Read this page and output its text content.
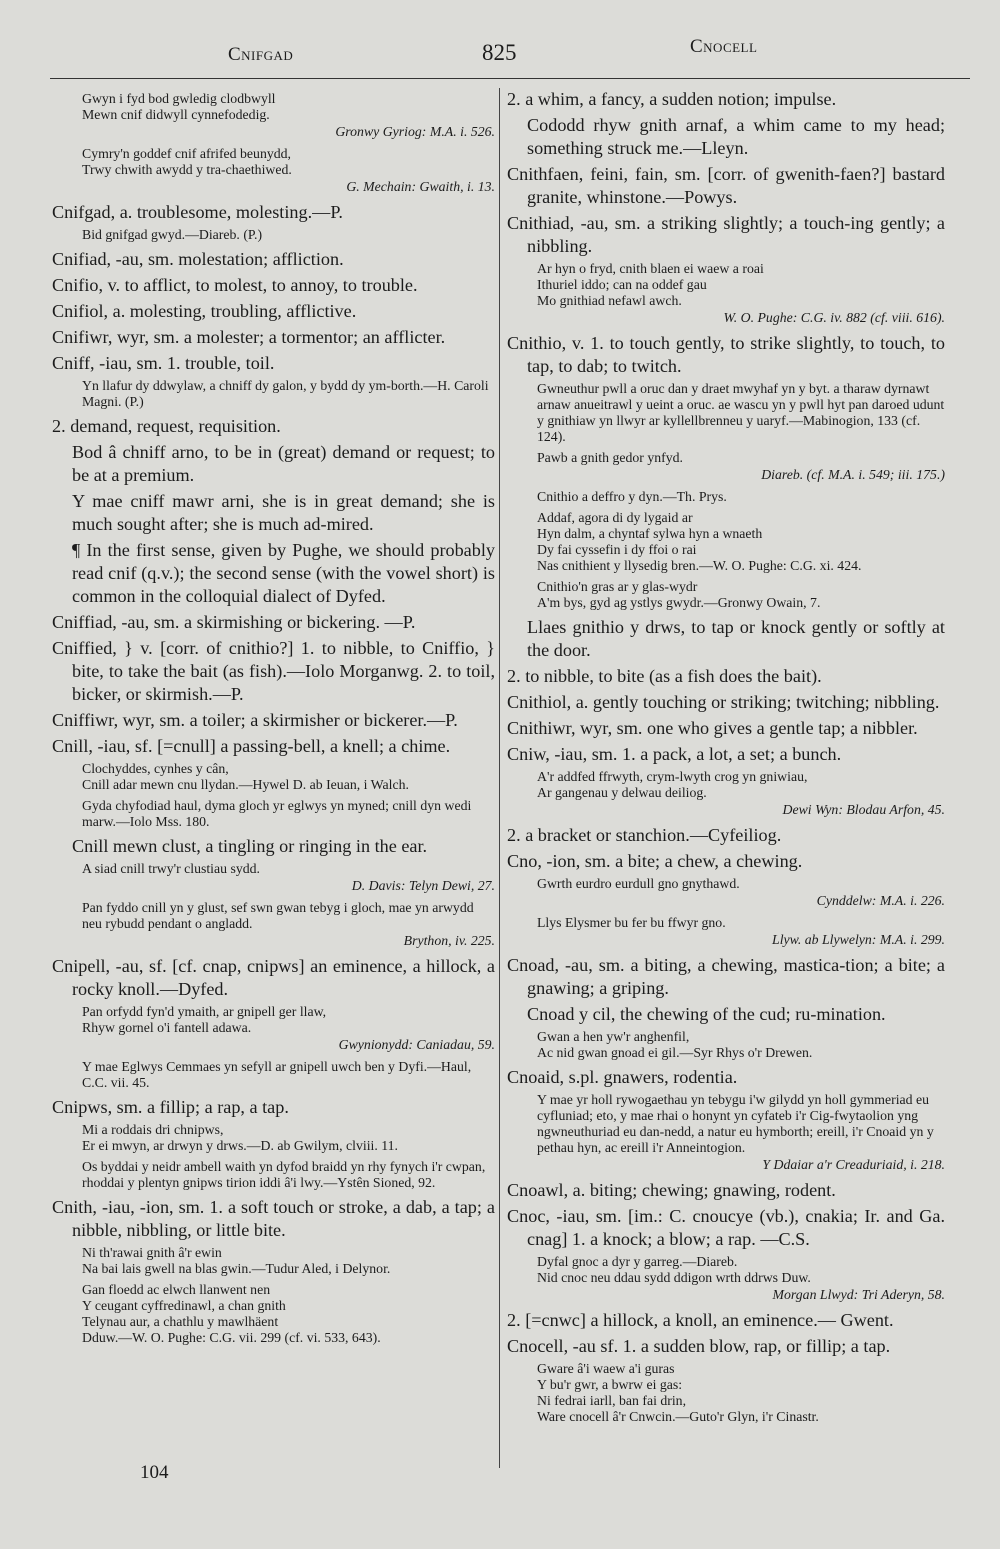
Cnifgad	825	Cnocell
Gwyn i fyd bod gwledig clodbwyll
Mewn cnif didwyll cynnefodedig.
Gronwy Gyriog: M.A. i. 526.
Cymry'n goddef cnif afrifed beunydd,
Trwy chwith awydd y tra-chaethiwed.
G. Mechain: Gwaith, i. 13.
Cnifgad, a. troublesome, molesting.—P.
Bid gnifgad gwyd.—Diareb. (P.)
Cnifiad, -au, sm. molestation; affliction.
Cnifio, v. to afflict, to molest, to annoy, to trouble.
Cnifiol, a. molesting, troubling, afflictive.
Cnifiwr, wyr, sm. a molester; a tormentor; an afflicter.
Cniff, -iau, sm. 1. trouble, toil.
Yn llafur dy ddwylaw, a chniff dy galon, y bydd dy ym-borth.—H. Caroli Magni. (P.)
2. demand, request, requisition.
Bod â chniff arno, to be in (great) demand or request; to be at a premium.
Y mae cniff mawr arni, she is in great demand; she is much sought after; she is much ad-mired.
¶ In the first sense, given by Pughe, we should probably read cnif (q.v.); the second sense (with the vowel short) is common in the colloquial dialect of Dyfed.
Cniffiad, -au, sm. a skirmishing or bickering. —P.
Cniffied, } v. [corr. of cnithio?] 1. to nibble, to Cniffio, } bite, to take the bait (as fish).—Iolo Morganwg. 2. to toil, bicker, or skirmish.—P.
Cniffiwr, wyr, sm. a toiler; a skirmisher or bickerer.—P.
Cnill, -iau, sf. [=cnull] a passing-bell, a knell; a chime.
Clochyddes, cynhes y cân,
Cnill adar mewn cnu llydan.—Hywel D. ab Ieuan, i Walch.
Gyda chyfodiad haul, dyma gloch yr eglwys yn myned; cnill dyn wedi marw.—Iolo Mss. 180.
Cnill mewn clust, a tingling or ringing in the ear.
A siad cnill trwy'r clustiau sydd.
D. Davis: Telyn Dewi, 27.
Pan fyddo cnill yn y glust, sef swn gwan tebyg i gloch, mae yn arwydd neu rybudd pendant o angladd.
Brython, iv. 225.
Cnipell, -au, sf. [cf. cnap, cnipws] an eminence, a hillock, a rocky knoll.—Dyfed.
Pan orfydd fyn'd ymaith, ar gnipell ger llaw,
Rhyw gornel o'i fantell adawa.
Gwynionydd: Caniadau, 59.
Y mae Eglwys Cemmaes yn sefyll ar gnipell uwch ben y Dyfi.—Haul, C.C. vii. 45.
Cnipws, sm. a fillip; a rap, a tap.
Mi a roddais dri chnipws,
Er ei mwyn, ar drwyn y drws.—D. ab Gwilym, clviii. 11.
Os byddai y neidr ambell waith yn dyfod braidd yn rhy fynych i'r cwpan, rhoddai y plentyn gnipws tirion iddi â'i lwy.—Ystên Sioned, 92.
Cnith, -iau, -ion, sm. 1. a soft touch or stroke, a dab, a tap; a nibble, nibbling, or little bite.
Ni th'rawai gnith â'r ewin
Na bai lais gwell na blas gwin.—Tudur Aled, i Delynor.
Gan floedd ac elwch llanwent nen
Y ceugant cyffredinawl, a chan gnith
Telynau aur, a chathlu y mawlhäent
Dduw.—W. O. Pughe: C.G. vii. 299 (cf. vi. 533, 643).
2. a whim, a fancy, a sudden notion; impulse.
Cododd rhyw gnith arnaf, a whim came to my head; something struck me.—Lleyn.
Cnithfaen, feini, fain, sm. [corr. of gwenith-faen?] bastard granite, whinstone.—Powys.
Cnithiad, -au, sm. a striking slightly; a touch-ing gently; a nibbling.
Ar hyn o fryd, cnith blaen ei waew a roai
Ithuriel iddo; can na oddef gau
Mo gnithiad nefawl awch.
W. O. Pughe: C.G. iv. 882 (cf. viii. 616).
Cnithio, v. 1. to touch gently, to strike slightly, to touch, to tap, to dab; to twitch.
Gwneuthur pwll a oruc dan y draet mwyhaf yn y byt. a tharaw dyrnawt arnaw anueitrawl y ueint a oruc. ae wascu yn y pwll hyt pan daroed udunt y gnithiaw yn llwyr ar kyllellbrenneu y uaryf.—Mabinogion, 133 (cf. 124).
Pawb a gnith gedor ynfyd.
Diareb. (cf. M.A. i. 549; iii. 175.)
Cnithio a deffro y dyn.—Th. Prys.
Addaf, agora di dy lygaid ar
Hyn dalm, a chyntaf sylwa hyn a wnaeth
Dy fai cyssefin i dy ffoi o rai
Nas cnithient y llysedig bren.—W. O. Pughe: C.G. xi. 424.
Cnithio'n gras ar y glas-wydr
A'm bys, gyd ag ystlys gwydr.—Gronwy Owain, 7.
Llaes gnithio y drws, to tap or knock gently or softly at the door.
2. to nibble, to bite (as a fish does the bait).
Cnithiol, a. gently touching or striking; twitching; nibbling.
Cnithiwr, wyr, sm. one who gives a gentle tap; a nibbler.
Cniw, -iau, sm. 1. a pack, a lot, a set; a bunch.
A'r addfed ffrwyth, crym-lwyth crog yn gniwiau,
Ar gangenau y delwau deiliog.
Dewi Wyn: Blodau Arfon, 45.
2. a bracket or stanchion.—Cyfeiliog.
Cno, -ion, sm. a bite; a chew, a chewing.
Gwrth eurdro eurdull gno gnythawd.
Cynddelw: M.A. i. 226.
Llys Elysmer bu fer bu ffwyr gno.
Llyw. ab Llywelyn: M.A. i. 299.
Cnoad, -au, sm. a biting, a chewing, mastica-tion; a bite; a gnawing; a griping.
Cnoad y cil, the chewing of the cud; ru-mination.
Gwan a hen yw'r anghenfil,
Ac nid gwan gnoad ei gil.—Syr Rhys o'r Drewen.
Cnoaid, s.pl. gnawers, rodentia.
Y mae yr holl rywogaethau yn tebygu i'w gilydd yn holl gymmeriad eu cyfluniad; eto, y mae rhai o honynt yn cyfateb i'r Cig-fwytaolion yng ngwneuthuriad eu dan-nedd, a natur eu hymborth; ereill, i'r Cnoaid yn y pethau hyn, ac ereill i'r Anneintogion.
Y Ddaiar a'r Creaduriaid, i. 218.
Cnoawl, a. biting; chewing; gnawing, rodent.
Cnoc, -iau, sm. [im.: C. cnoucye (vb.), cnakia; Ir. and Ga. cnag] 1. a knock; a blow; a rap. —C.S.
Dyfal gnoc a dyr y garreg.—Diareb.
Nid cnoc neu ddau sydd ddigon wrth ddrws Duw.
Morgan Llwyd: Tri Aderyn, 58.
2. [=cnwc] a hillock, a knoll, an eminence.— Gwent.
Cnocell, -au sf. 1. a sudden blow, rap, or fillip; a tap.
Gware â'i waew a'i guras
Y bu'r gwr, a bwrw ei gas:
Ni fedrai iarll, ban fai drin,
Ware cnocell â'r Cnwcin.—Guto'r Glyn, i'r Cinastr.
104
